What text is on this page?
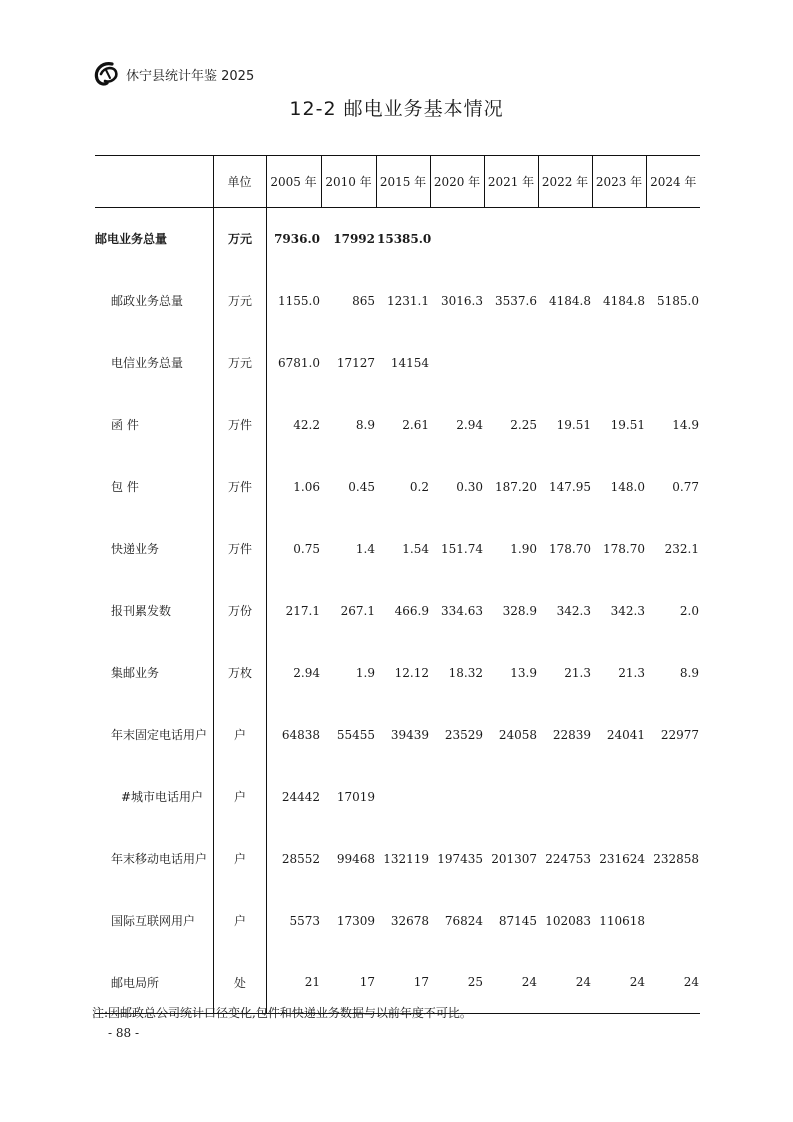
休宁县统计年鉴 2025
12-2 邮电业务基本情况
	单位	2005 年	2010 年	2015 年	2020 年	2021 年	2022 年	2023 年	2024 年
邮电业务总量	万元	7936.0	17992	15385.0					
邮政业务总量	万元	1155.0	865	1231.1	3016.3	3537.6	4184.8	4184.8	5185.0
电信业务总量	万元	6781.0	17127	14154					
函 件	万件	42.2	8.9	2.61	2.94	2.25	19.51	19.51	14.9
包 件	万件	1.06	0.45	0.2	0.30	187.20	147.95	148.0	0.77
快递业务	万件	0.75	1.4	1.54	151.74	1.90	178.70	178.70	232.1
报刊累发数	万份	217.1	267.1	466.9	334.63	328.9	342.3	342.3	2.0
集邮业务	万枚	2.94	1.9	12.12	18.32	13.9	21.3	21.3	8.9
年末固定电话用户	户	64838	55455	39439	23529	24058	22839	24041	22977
#城市电话用户	户	24442	17019						
年末移动电话用户	户	28552	99468	132119	197435	201307	224753	231624	232858
国际互联网用户	户	5573	17309	32678	76824	87145	102083	110618	
邮电局所	处	21	17	17	25	24	24	24	24
注:因邮政总公司统计口径变化,包件和快递业务数据与以前年度不可比。
- 88 -
